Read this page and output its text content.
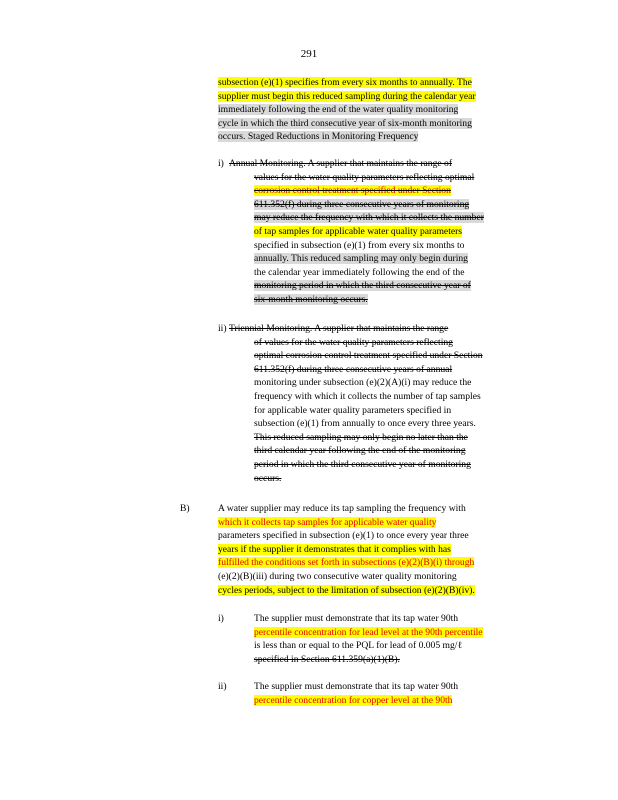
291
subsection (e)(1) specifies from every six months to annually. The
supplier must begin this reduced sampling during the calendar year
immediately following the end of the water quality monitoring
cycle in which the third consecutive year of six-month monitoring
occurs. Staged Reductions in Monitoring Frequency
i) Annual Monitoring. A supplier that maintains the range of
values for the water quality parameters reflecting optimal
corrosion control treatment specified under Section
611.352(f) during three consecutive years of monitoring
may reduce the frequency with which it collects the number
of tap samples for applicable water quality parameters
specified in subsection (e)(1) from every six months to
annually. This reduced sampling may only begin during
the calendar year immediately following the end of the
monitoring period in which the third consecutive year of
six-month monitoring occurs.
ii) Triennial Monitoring. A supplier that maintains the range
of values for the water quality parameters reflecting
optimal corrosion control treatment specified under Section
611.352(f) during three consecutive years of annual
monitoring under subsection (e)(2)(A)(i) may reduce the
frequency with which it collects the number of tap samples
for applicable water quality parameters specified in
subsection (e)(1) from annually to once every three years.
This reduced sampling may only begin no later than the
third calendar year following the end of the monitoring
period in which the third consecutive year of monitoring
occurs.
B)	A water supplier may reduce its tap sampling the frequency with
which it collects tap samples for applicable water quality
parameters specified in subsection (e)(1) to once every year three
years if the supplier it demonstrates that it complies with has
fulfilled the conditions set forth in subsections (e)(2)(B)(i) through
(e)(2)(B)(iii) during two consecutive water quality monitoring
cycles periods, subject to the limitation of subsection (e)(2)(B)(iv).
i)	The supplier must demonstrate that its tap water 90th
percentile concentration for lead level at the 90th percentile
is less than or equal to the PQL for lead of 0.005 mg/ℓ
specified in Section 611.359(a)(1)(B).
ii)	The supplier must demonstrate that its tap water 90th
percentile concentration for copper level at the 90th
